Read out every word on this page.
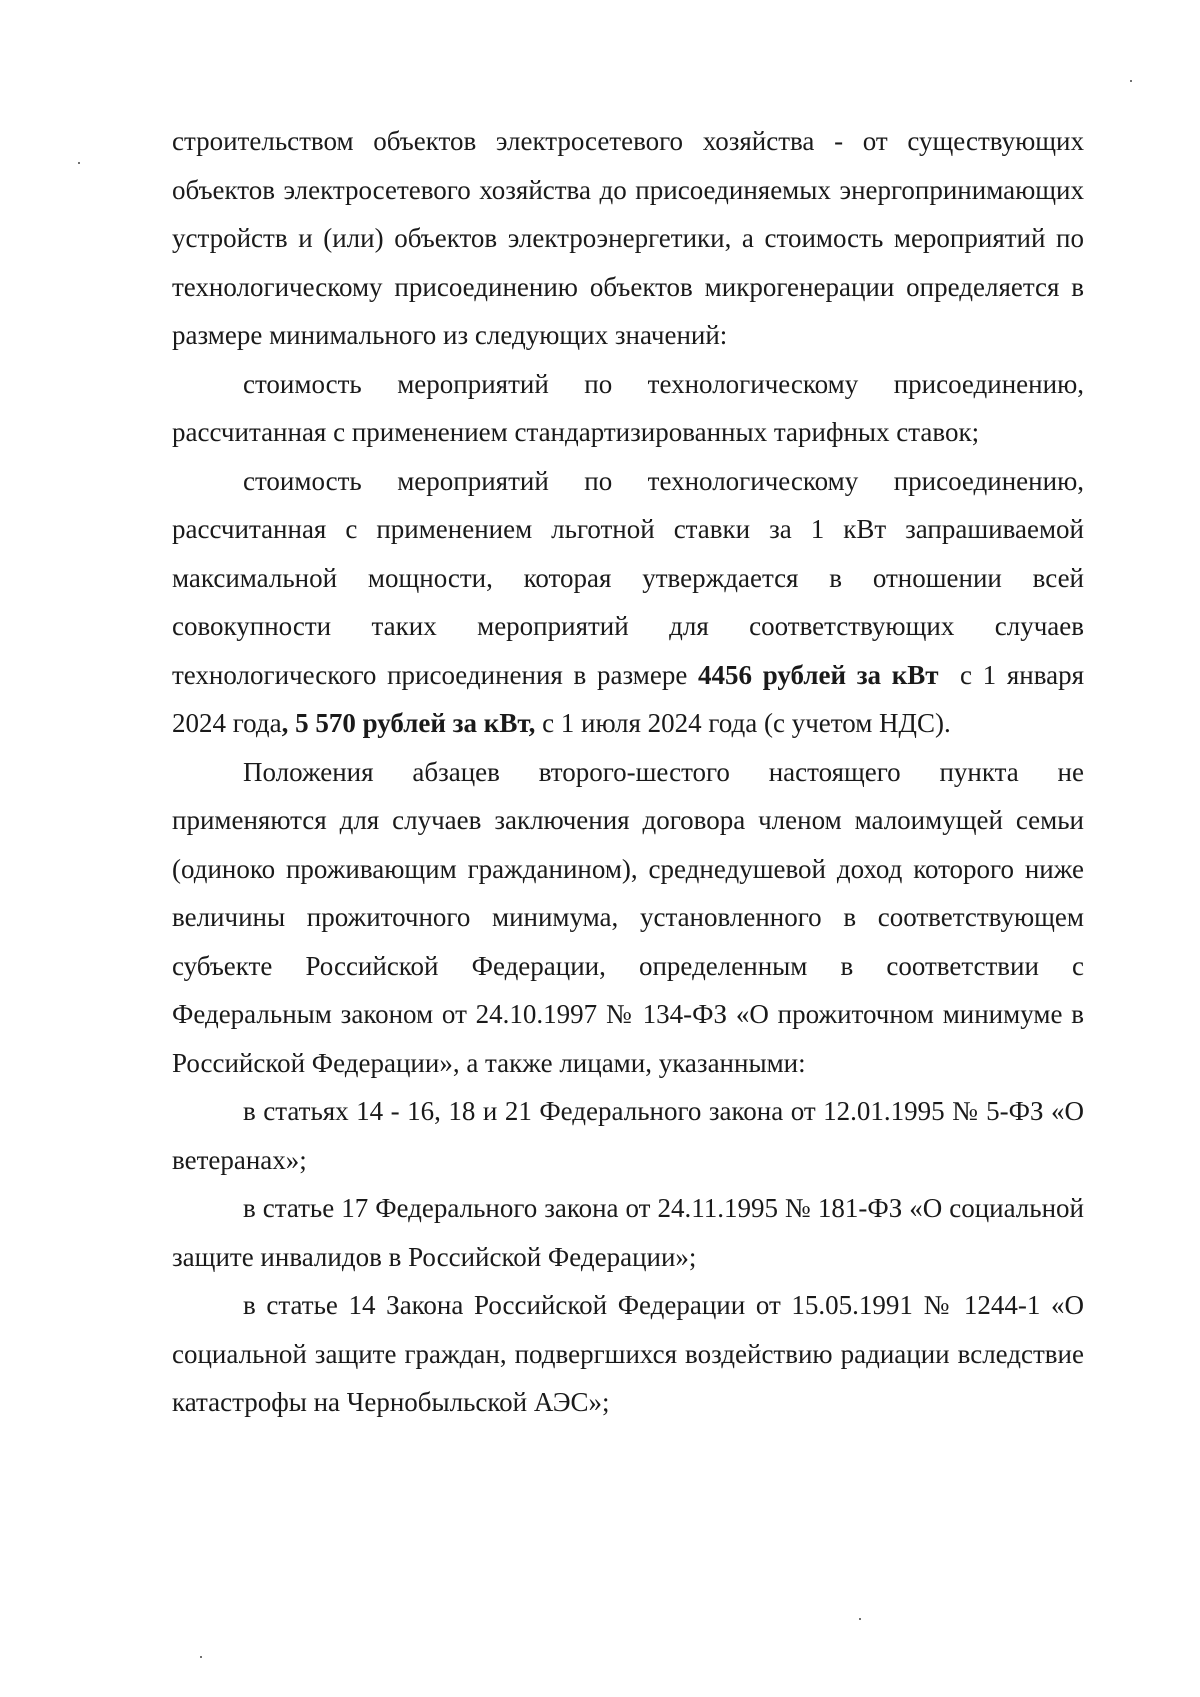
строительством объектов электросетевого хозяйства - от существующих объектов электросетевого хозяйства до присоединяемых энергопринимающих устройств и (или) объектов электроэнергетики, а стоимость мероприятий по технологическому присоединению объектов микрогенерации определяется в размере минимального из следующих значений:

стоимость мероприятий по технологическому присоединению, рассчитанная с применением стандартизированных тарифных ставок;

стоимость мероприятий по технологическому присоединению, рассчитанная с применением льготной ставки за 1 кВт запрашиваемой максимальной мощности, которая утверждается в отношении всей совокупности таких мероприятий для соответствующих случаев технологического присоединения в размере 4456 рублей за кВт  с 1 января 2024 года, 5 570 рублей за кВт, с 1 июля 2024 года (с учетом НДС).

Положения абзацев второго-шестого настоящего пункта не применяются для случаев заключения договора членом малоимущей семьи (одиноко проживающим гражданином), среднедушевой доход которого ниже величины прожиточного минимума, установленного в соответствующем субъекте Российской Федерации, определенным в соответствии с Федеральным законом от 24.10.1997 № 134-ФЗ «О прожиточном минимуме в Российской Федерации», а также лицами, указанными:

в статьях 14 - 16, 18 и 21 Федерального закона от 12.01.1995 № 5-ФЗ «О ветеранах»;

в статье 17 Федерального закона от 24.11.1995 № 181-ФЗ «О социальной защите инвалидов в Российской Федерации»;

в статье 14 Закона Российской Федерации от 15.05.1991 № 1244-1 «О социальной защите граждан, подвергшихся воздействию радиации вследствие катастрофы на Чернобыльской АЭС»;
